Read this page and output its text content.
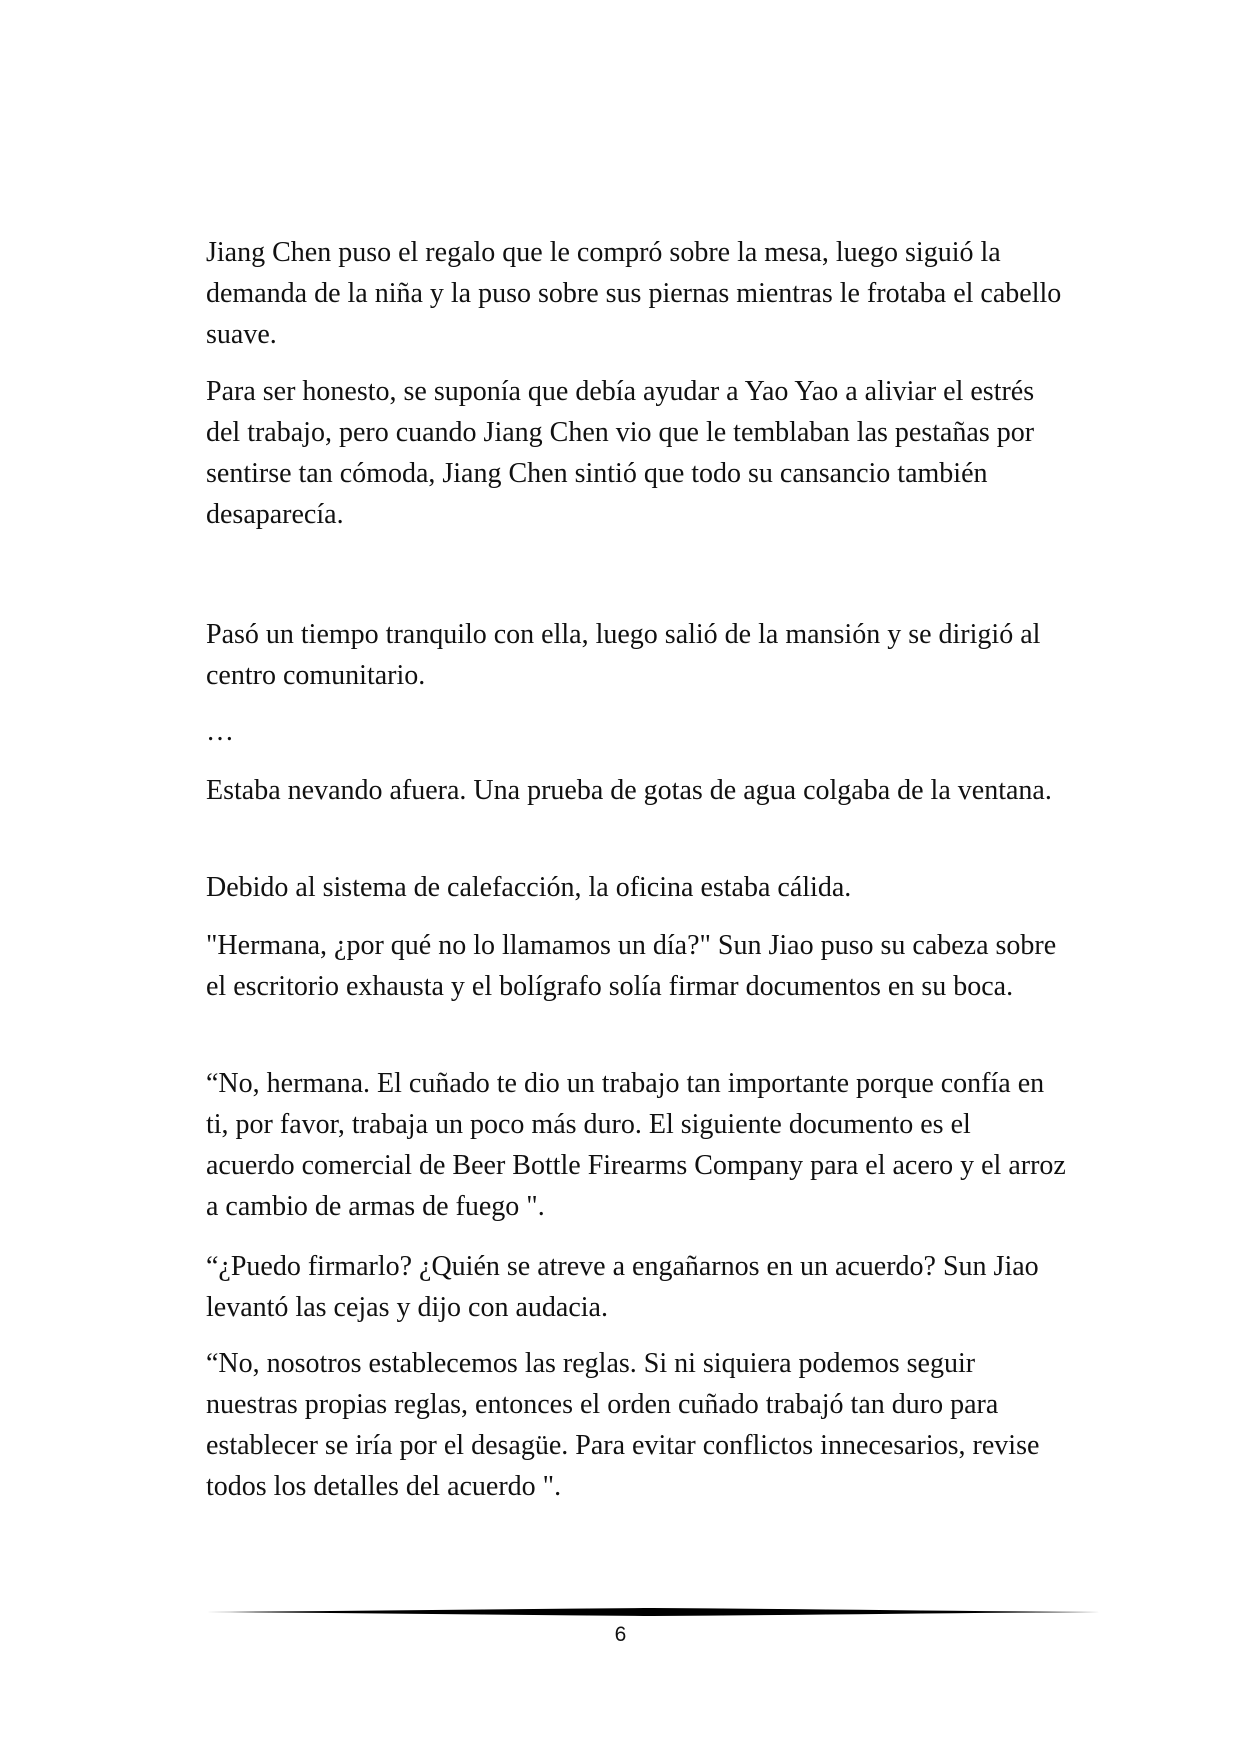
Jiang Chen puso el regalo que le compró sobre la mesa, luego siguió la demanda de la niña y la puso sobre sus piernas mientras le frotaba el cabello suave.

Para ser honesto, se suponía que debía ayudar a Yao Yao a aliviar el estrés del trabajo, pero cuando Jiang Chen vio que le temblaban las pestañas por sentirse tan cómoda, Jiang Chen sintió que todo su cansancio también desaparecía.

Pasó un tiempo tranquilo con ella, luego salió de la mansión y se dirigió al centro comunitario.

…

Estaba nevando afuera. Una prueba de gotas de agua colgaba de la ventana.

Debido al sistema de calefacción, la oficina estaba cálida.

"Hermana, ¿por qué no lo llamamos un día?" Sun Jiao puso su cabeza sobre el escritorio exhausta y el bolígrafo solía firmar documentos en su boca.

“No, hermana. El cuñado te dio un trabajo tan importante porque confía en ti, por favor, trabaja un poco más duro. El siguiente documento es el acuerdo comercial de Beer Bottle Firearms Company para el acero y el arroz a cambio de armas de fuego ".

“¿Puedo firmarlo? ¿Quién se atreve a engañarnos en un acuerdo? Sun Jiao levantó las cejas y dijo con audacia.

“No, nosotros establecemos las reglas. Si ni siquiera podemos seguir nuestras propias reglas, entonces el orden cuñado trabajó tan duro para establecer se iría por el desagüe. Para evitar conflictos innecesarios, revise todos los detalles del acuerdo ".

6
